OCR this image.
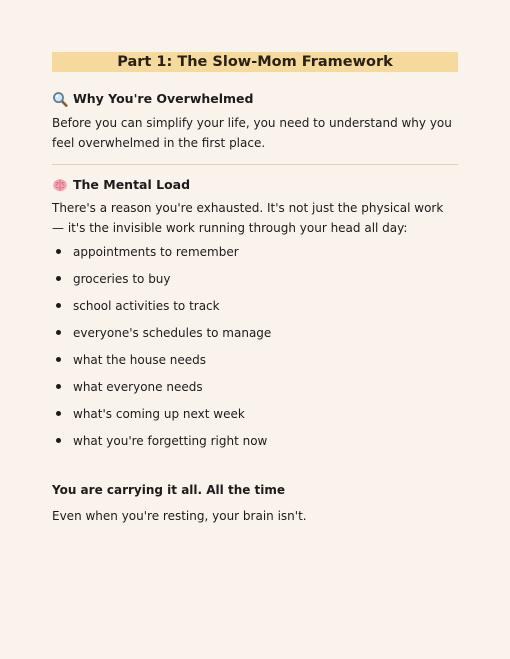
Part 1: The Slow-Mom Framework
Why You're Overwhelmed
Before you can simplify your life, you need to understand why you feel overwhelmed in the first place.
The Mental Load
There's a reason you're exhausted. It's not just the physical work — it's the invisible work running through your head all day:
appointments to remember
groceries to buy
school activities to track
everyone's schedules to manage
what the house needs
what everyone needs
what's coming up next week
what you're forgetting right now
You are carrying it all. All the time
Even when you're resting, your brain isn't.
